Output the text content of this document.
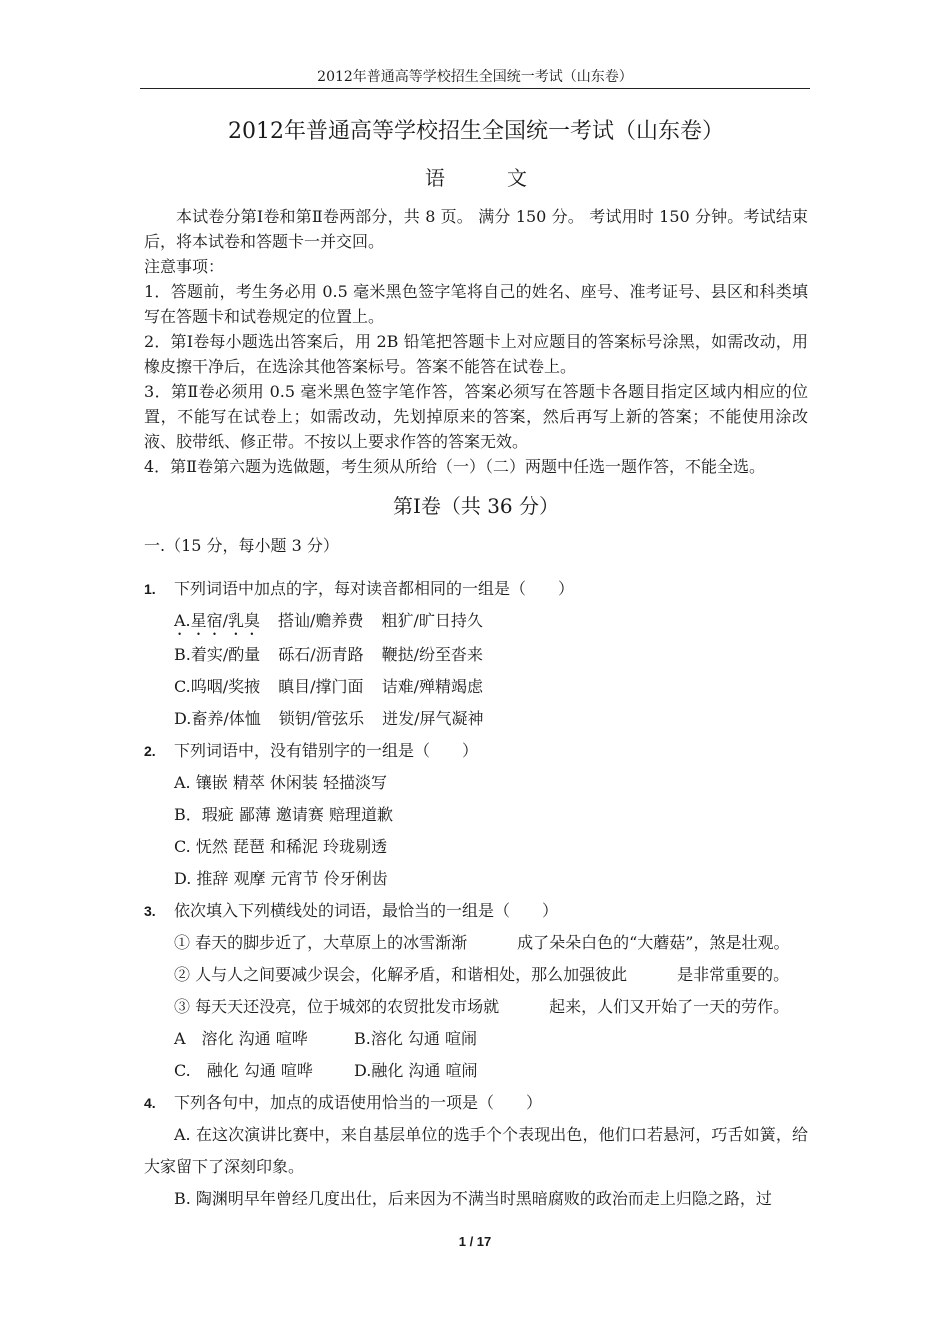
2012年普通高等学校招生全国统一考试（山东卷）
2012年普通高等学校招生全国统一考试（山东卷）
语	文

本试卷分第Ⅰ卷和第Ⅱ卷两部分，共 8 页。 满分 150 分。 考试用时 150 分钟。考试结束后，将本试卷和答题卡一并交回。

注意事项：

1．答题前，考生务必用 0.5 毫米黑色签字笔将自己的姓名、座号、准考证号、县区和科类填写在答题卡和试卷规定的位置上。

2．第Ⅰ卷每小题选出答案后，用 2B 铅笔把答题卡上对应题目的答案标号涂黑，如需改动，用橡皮擦干净后，在选涂其他答案标号。答案不能答在试卷上。

3．第Ⅱ卷必须用 0.5 毫米黑色签字笔作答，答案必须写在答题卡各题目指定区域内相应的位置，不能写在试卷上；如需改动，先划掉原来的答案，然后再写上新的答案；不能使用涂改液、胶带纸、修正带。不按以上要求作答的答案无效。

4．第Ⅱ卷第六题为选做题，考生须从所给（一）（二）两题中任选一题作答，不能全选。

第Ⅰ卷（共 36 分）
一.（15 分，每小题 3 分）

1. 下列词语中加点的字，每对读音都相同的一组是（　　）

A.星宿/乳臭 搭讪/赡养费 粗犷/旷日持久

B.着实/酌量 砾石/沥青路 鞭挞/纷至沓来

C.呜咽/奖掖 瞋目/撑门面 诘难/殚精竭虑

D.畜养/体恤 锁钥/管弦乐 迸发/屏气凝神

2. 下列词语中，没有错别字的一组是（　　）

A. 镶嵌 精萃 休闲装 轻描淡写

B．瑕疵 鄙薄 邀请赛 赔理道歉

C. 怃然 琵琶 和稀泥 玲珑剔透

D. 推辞 观摩 元宵节 伶牙俐齿

3. 依次填入下列横线处的词语，最恰当的一组是（　　）

① 春天的脚步近了，大草原上的冰雪渐渐	成了朵朵白色的“大蘑菇”，煞是壮观。

② 人与人之间要减少误会，化解矛盾，和谐相处，那么加强彼此	是非常重要的。

③ 每天天还没亮，位于城郊的农贸批发市场就	起来，人们又开始了一天的劳作。

A　溶化 沟通 喧哗	B.溶化 勾通 喧闹

C.　融化 勾通 喧哗	D.融化 沟通 喧闹

4. 下列各句中，加点的成语使用恰当的一项是（　　）

A. 在这次演讲比赛中，来自基层单位的选手个个表现出色，他们口若悬河，巧舌如簧，给大家留下了深刻印象。

B. 陶渊明早年曾经几度出仕，后来因为不满当时黑暗腐败的政治而走上归隐之路，过

1 / 17
